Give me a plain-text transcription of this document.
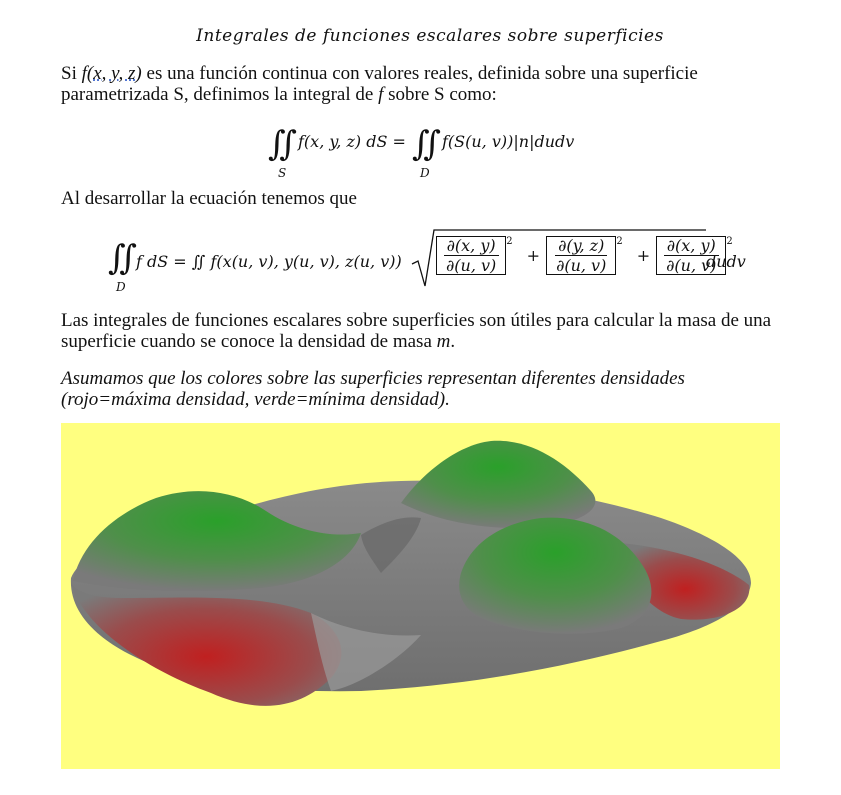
Integrales de funciones escalares sobre superficies
Si f(x, y, z) es una función continua con valores reales, definida sobre una superficie parametrizada S, definimos la integral de f sobre S como:
∬
S
f(x, y, z) dS = ∬
D
f(S(u, v))|n|dudv
Al desarrollar la ecuación tenemos que
∬
D
f dS = ∬ f(x(u, v), y(u, v), z(u, v))	$\frac{\partial(x, y)}{\partial(u, v)} ^2$
+ $\frac{\partial(y, z)}{\partial(u, v)} ^2$
+ $\frac{\partial(x, y)}{\partial(u, v)} ^2$
dudv
Las integrales de funciones escalares sobre superficies son útiles para calcular la masa de una superficie cuando se conoce la densidad de masa m.
Asumamos que los colores sobre las superficies representan diferentes densidades (rojo=máxima densidad, verde=mínima densidad).
